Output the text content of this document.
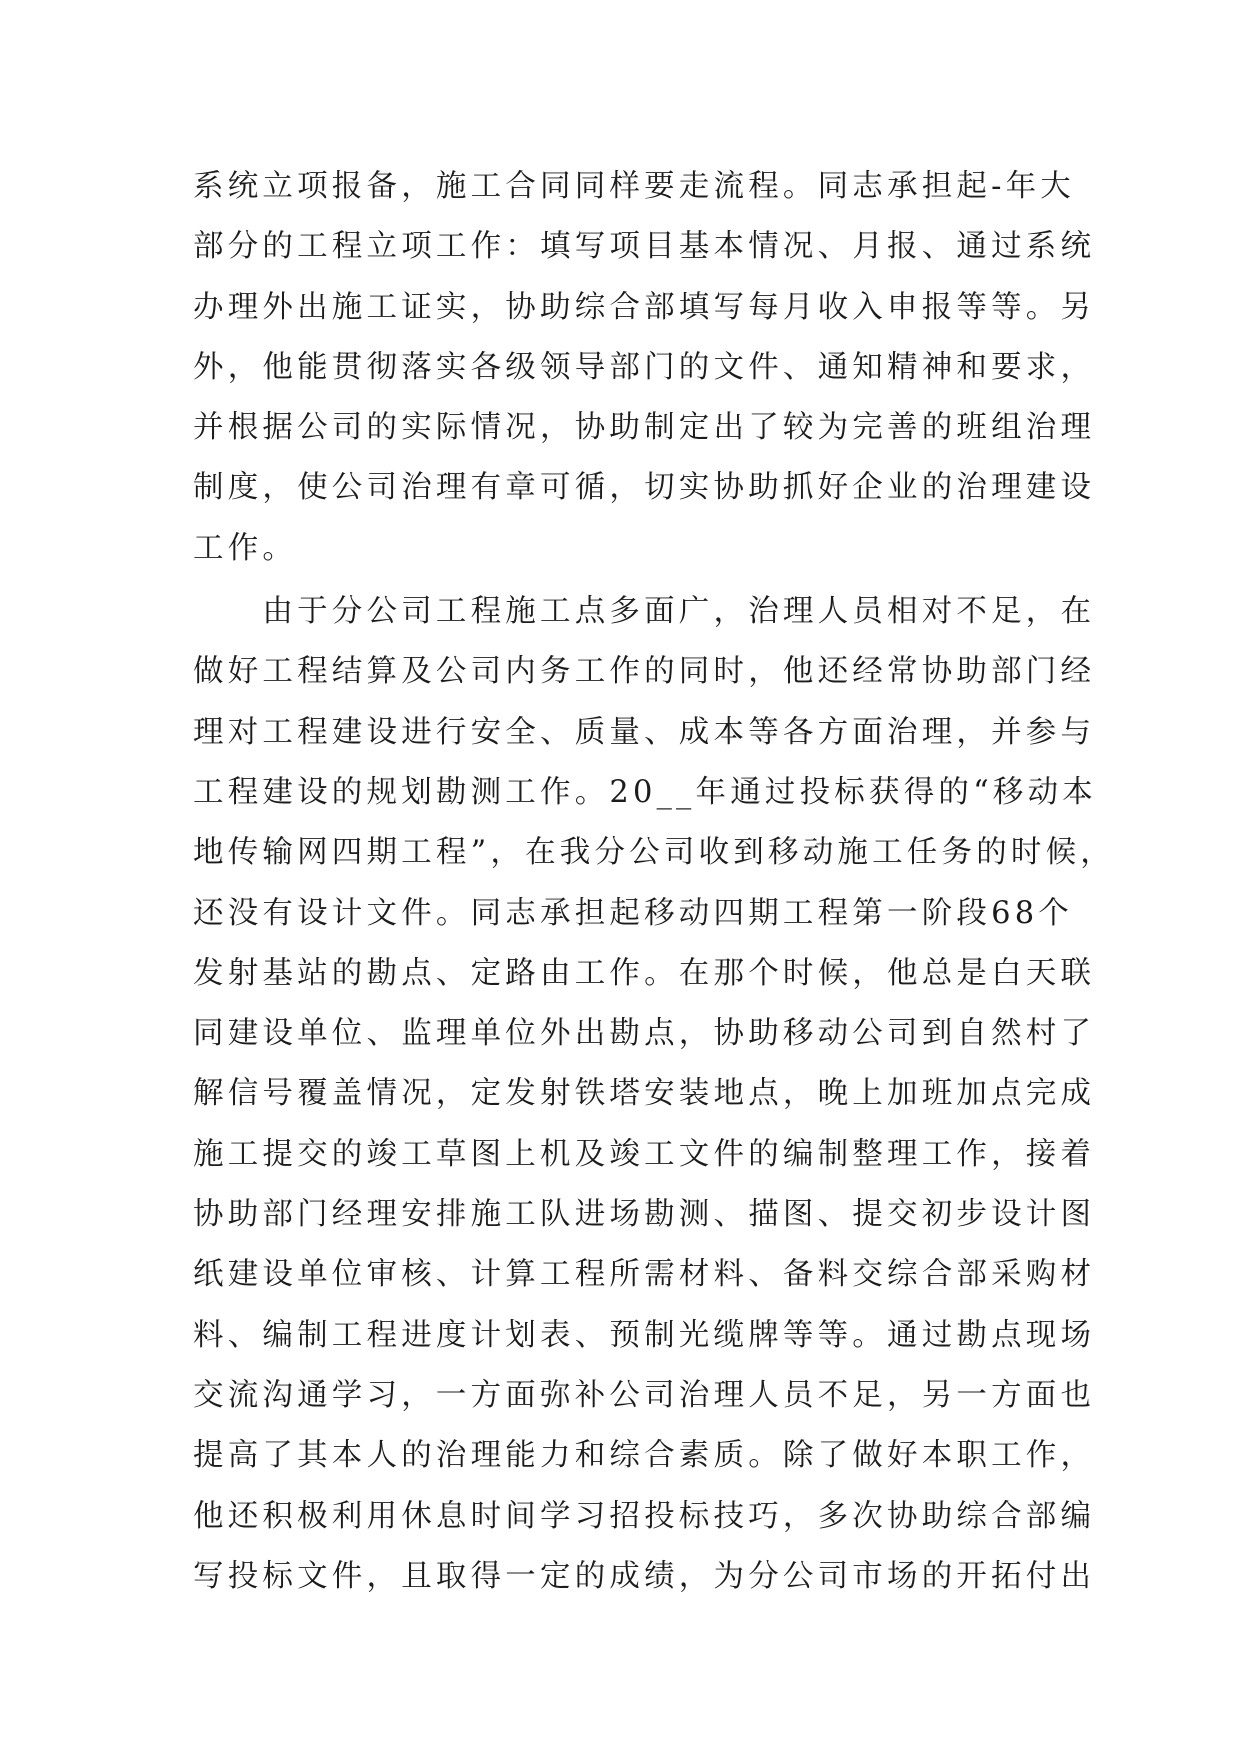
系统立项报备，施工合同同样要走流程。同志承担起-年大
部分的工程立项工作：填写项目基本情况、月报、通过系统
办理外出施工证实，协助综合部填写每月收入申报等等。另
外，他能贯彻落实各级领导部门的文件、通知精神和要求，
并根据公司的实际情况，协助制定出了较为完善的班组治理
制度，使公司治理有章可循，切实协助抓好企业的治理建设
工作。
　　由于分公司工程施工点多面广，治理人员相对不足，在
做好工程结算及公司内务工作的同时，他还经常协助部门经
理对工程建设进行安全、质量、成本等各方面治理，并参与
工程建设的规划勘测工作。20__年通过投标获得的“移动本
地传输网四期工程”，在我分公司收到移动施工任务的时候，
还没有设计文件。同志承担起移动四期工程第一阶段68个
发射基站的勘点、定路由工作。在那个时候，他总是白天联
同建设单位、监理单位外出勘点，协助移动公司到自然村了
解信号覆盖情况，定发射铁塔安装地点，晚上加班加点完成
施工提交的竣工草图上机及竣工文件的编制整理工作，接着
协助部门经理安排施工队进场勘测、描图、提交初步设计图
纸建设单位审核、计算工程所需材料、备料交综合部采购材
料、编制工程进度计划表、预制光缆牌等等。通过勘点现场
交流沟通学习，一方面弥补公司治理人员不足，另一方面也
提高了其本人的治理能力和综合素质。除了做好本职工作，
他还积极利用休息时间学习招投标技巧，多次协助综合部编
写投标文件，且取得一定的成绩，为分公司市场的开拓付出
